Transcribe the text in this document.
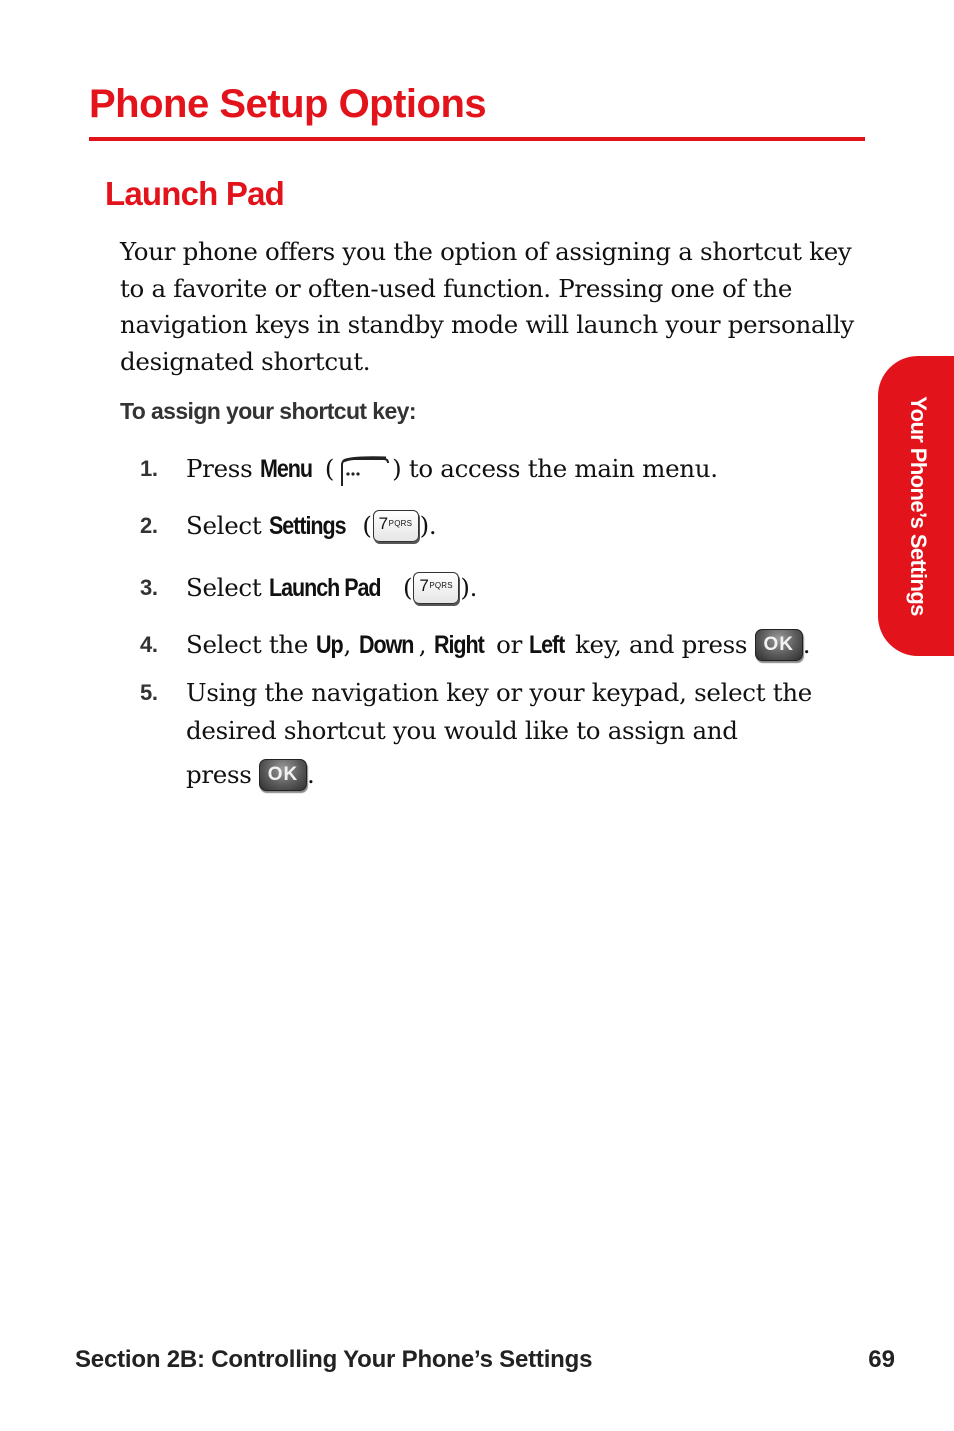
Phone Setup Options
Launch Pad

Your phone offers you the option of assigning a shortcut key to a favorite or often-used function. Pressing one of the navigation keys in standby mode will launch your personally designated shortcut.

To assign your shortcut key:

1.	Press Menu ( ) to access the main menu.
2.	Select Settings ( 7 PQRS ).
3.	Select Launch Pad ( 7 PQRS ).
4.	Select the Up, Down , Right or Left key, and press OK .
5.	Using the navigation key or your keypad, select the
desired shortcut you would like to assign and
press OK .
Your Phone’s Settings

Section 2B: Controlling Your Phone’s Settings	69
